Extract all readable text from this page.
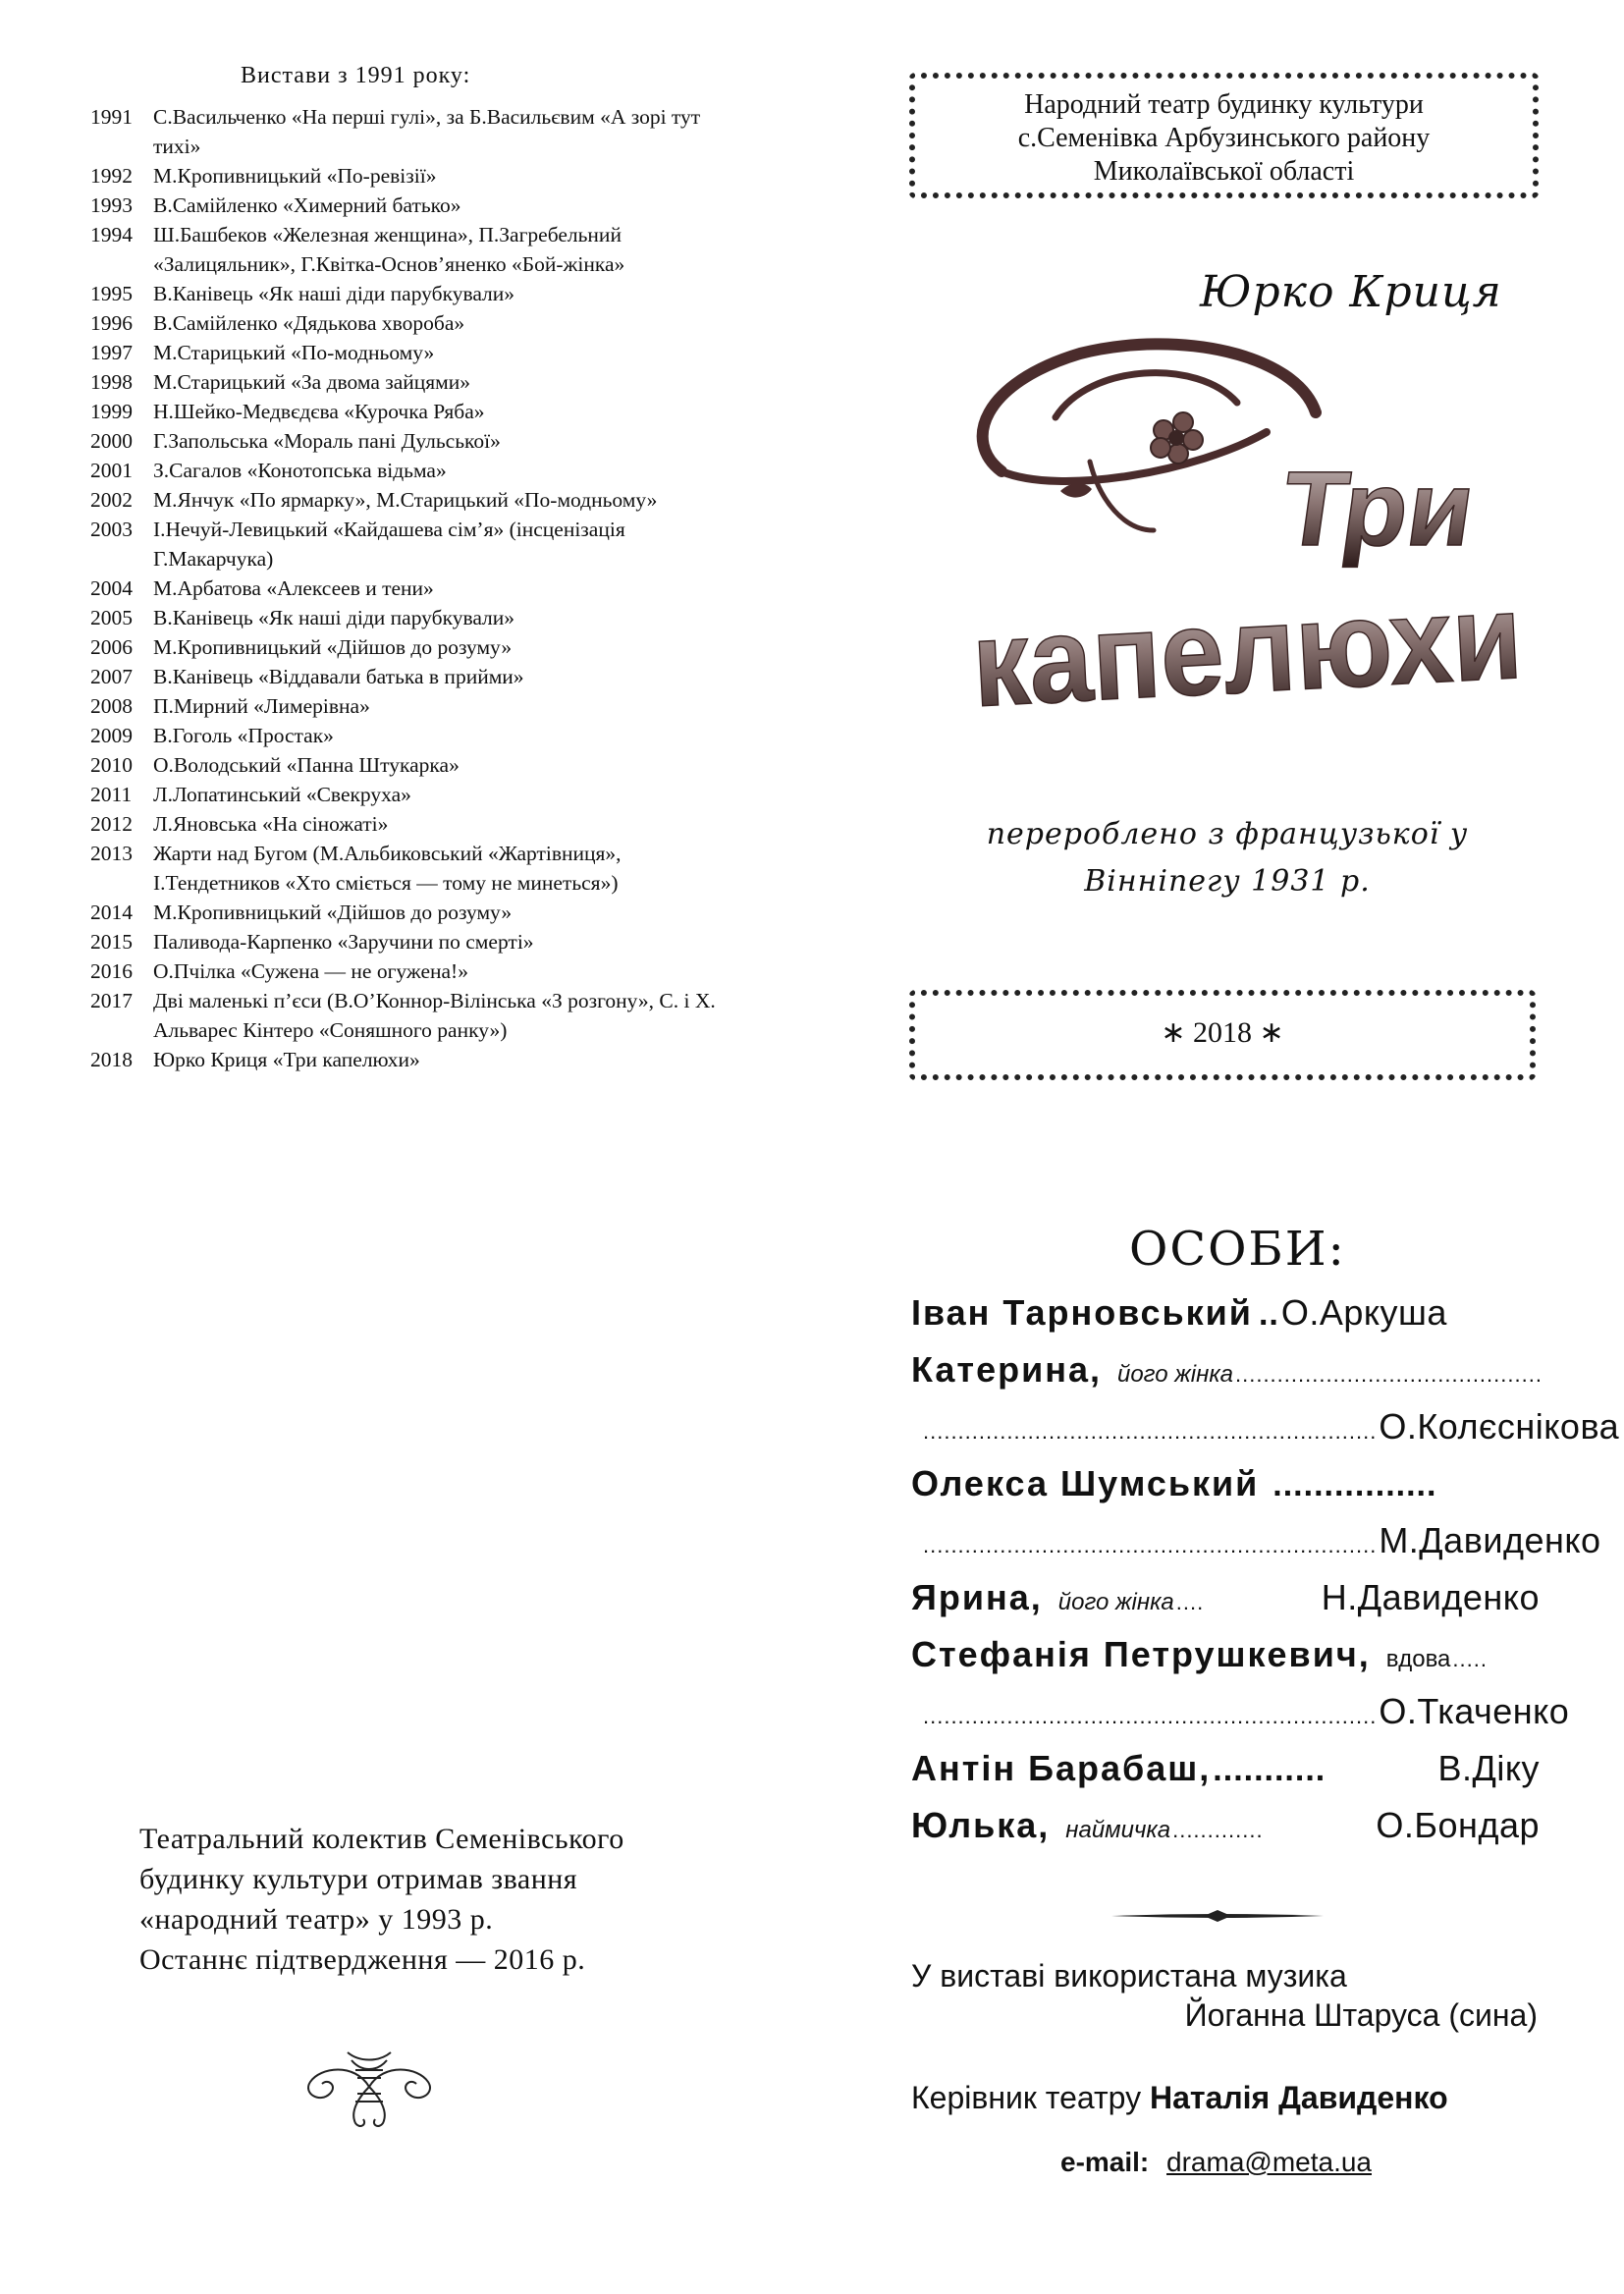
Вистави з 1991 року:
1991 С.Васильченко «На перші гулі», за Б.Васильєвим «А зорі тут тихі»
1992 М.Кропивницький «По-ревізії»
1993 В.Самійленко «Химерний батько»
1994 Ш.Башбеков «Железная женщина», П.Загребельний «Залицяльник», Г.Квітка-Основ’яненко «Бой-жінка»
1995 В.Канівець «Як наші діди парубкували»
1996 В.Самійленко «Дядькова хвороба»
1997 М.Старицький «По-модньому»
1998 М.Старицький «За двома зайцями»
1999 Н.Шейко-Медвєдєва «Курочка Ряба»
2000 Г.Запольська «Мораль пані Дульської»
2001 З.Сагалов «Конотопська відьма»
2002 М.Янчук «По ярмарку», М.Старицький «По-модньому»
2003 І.Нечуй-Левицький «Кайдашева сім’я» (інсценізація Г.Макарчука)
2004 М.Арбатова «Алексеев и тени»
2005 В.Канівець «Як наші діди парубкували»
2006 М.Кропивницький «Дійшов до розуму»
2007 В.Канівець «Віддавали батька в прийми»
2008 П.Мирний «Лимерівна»
2009 В.Гоголь «Простак»
2010 О.Володський «Панна Штукарка»
2011	Л.Лопатинський «Свекруха»
2012 Л.Яновська «На сіножаті»
2013 Жарти над Бугом (М.Альбиковський «Жартівниця», І.Тендетников «Хто сміється — тому не минеться»)
2014 М.Кропивницький «Дійшов до розуму»
2015 Паливода-Карпенко «Заручини по смерті»
2016 О.Пчілка «Сужена — не огужена!»
2017 Дві маленькі п’єси (В.О’Коннор-Вілінська «З розгону», С. і Х. Альварес Кінтеро «Соняшного ранку»)
2018 Юрко Криця «Три капелюхи»
Театральний колектив Семенівського
будинку культури отримав звання
«народний театр» у 1993 р.
Останнє підтвердження — 2016 р.
Народний театр будинку культури
с.Семенівка Арбузинського району
Миколаївської області
Юрко Криця
Три
капелюхи
перероблено з французької у
Вінніпегу 1931 р.
∗ 2018 ∗
ОСОБИ:
Іван Тарновський .. О.Аркуша
Катерина, його жінка ............................................
................................................................. О.Колєснікова
Олекса Шумський ................
................................................................. М.Давиденко
Ярина, його жінка ....	Н.Давиденко
Стефанія Петрушкевич, вдова .....
................................................................. О.Ткаченко
Антін Барабаш, ...........	В.Діку
Юлька, наймичка .............	О.Бондар
У виставі використана музика
Йоганна Штаруса (сина)
Керівник театру Наталія Давиденко
e-mail: drama@meta.ua
